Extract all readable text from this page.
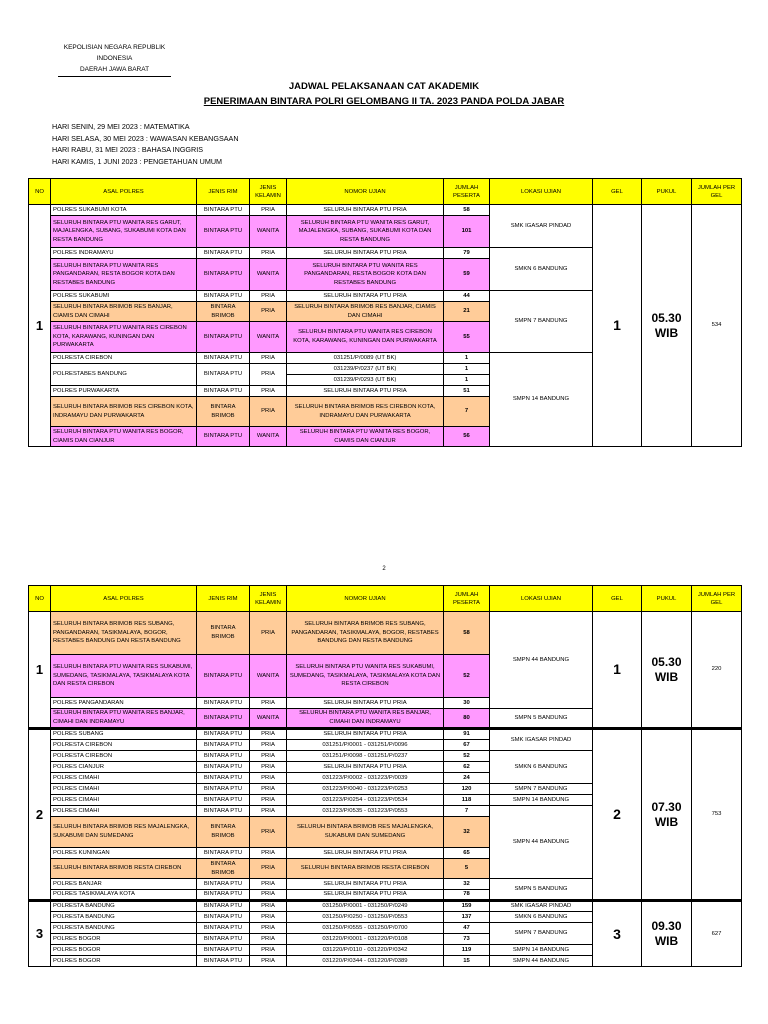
KEPOLISIAN NEGARA REPUBLIK INDONESIA
DAERAH JAWA BARAT
JADWAL PELAKSANAAN CAT AKADEMIK
PENERIMAAN BINTARA POLRI GELOMBANG II TA. 2023 PANDA POLDA JABAR
HARI SENIN, 29 MEI 2023 : MATEMATIKA
HARI SELASA, 30 MEI 2023 : WAWASAN KEBANGSAAN
HARI RABU, 31 MEI 2023 : BAHASA INGGRIS
HARI KAMIS, 1 JUNI 2023 : PENGETAHUAN UMUM
NO	ASAL POLRES	JENIS RIM	JENIS KELAMIN	NOMOR UJIAN	JUMLAH PESERTA	LOKASI UJIAN	GEL	PUKUL	JUMLAH PER GEL
1	POLRES SUKABUMI KOTA	BINTARA PTU	PRIA	SELURUH BINTARA PTU PRIA	58	SMK IGASAR PINDAD	1	05.30 WIB	534
	SELURUH BINTARA PTU WANITA RES GARUT, MAJALENGKA, SUBANG, SUKABUMI KOTA DAN RESTA BANDUNG	BINTARA PTU	WANITA	SELURUH BINTARA PTU WANITA RES GARUT, MAJALENGKA, SUBANG, SUKABUMI KOTA DAN RESTA BANDUNG	101				
	POLRES INDRAMAYU	BINTARA PTU	PRIA	SELURUH BINTARA PTU PRIA	79	SMKN 6 BANDUNG			
	SELURUH BINTARA PTU WANITA RES PANGANDARAN, RESTA BOGOR KOTA DAN RESTABES BANDUNG	BINTARA PTU	WANITA	SELURUH BINTARA PTU WANITA RES PANGANDARAN, RESTA BOGOR KOTA DAN RESTABES BANDUNG	59				
	POLRES SUKABUMI	BINTARA PTU	PRIA	SELURUH BINTARA PTU PRIA	44	SMPN 7 BANDUNG			
	SELURUH BINTARA BRIMOB RES BANJAR, CIAMIS DAN CIMAHI	BINTARA BRIMOB	PRIA	SELURUH BINTARA BRIMOB RES BANJAR, CIAMIS DAN CIMAHI	21				
	SELURUH BINTARA PTU WANITA RES CIREBON KOTA, KARAWANG, KUNINGAN DAN PURWAKARTA	BINTARA PTU	WANITA	SELURUH BINTARA PTU WANITA RES CIREBON KOTA, KARAWANG, KUNINGAN DAN PURWAKARTA	55				
	POLRESTA CIREBON	BINTARA PTU	PRIA	031251/P/0089 (UT BK)	1	SMPN 14 BANDUNG			
	POLRESTABES BANDUNG	BINTARA PTU	PRIA	031239/P/0237 (UT BK)	1				
				031239/P/0293 (UT BK)	1				
	POLRES PURWAKARTA	BINTARA PTU	PRIA	SELURUH BINTARA PTU PRIA	51				
	SELURUH BINTARA BRIMOB RES CIREBON KOTA, INDRAMAYU DAN PURWAKARTA	BINTARA BRIMOB	PRIA	SELURUH BINTARA BRIMOB RES CIREBON KOTA, INDRAMAYU DAN PURWAKARTA	7				
	SELURUH BINTARA PTU WANITA RES BOGOR, CIAMIS DAN CIANJUR	BINTARA PTU	WANITA	SELURUH BINTARA PTU WANITA RES BOGOR, CIAMIS DAN CIANJUR	56				
2
NO	ASAL POLRES	JENIS RIM	JENIS KELAMIN	NOMOR UJIAN	JUMLAH PESERTA	LOKASI UJIAN	GEL	PUKUL	JUMLAH PER GEL
1	SELURUH BINTARA BRIMOB RES SUBANG, PANGANDARAN, TASIKMALAYA, BOGOR, RESTABES BANDUNG DAN RESTA BANDUNG	BINTARA BRIMOB	PRIA	SELURUH BINTARA BRIMOB RES SUBANG, PANGANDARAN, TASIKMALAYA, BOGOR, RESTABES BANDUNG DAN RESTA BANDUNG	58	SMPN 44 BANDUNG	1	05.30 WIB	220
	SELURUH BINTARA PTU WANITA RES SUKABUMI, SUMEDANG, TASIKMALAYA, TASIKMALAYA KOTA DAN RESTA CIREBON	BINTARA PTU	WANITA	SELURUH BINTARA PTU WANITA RES SUKABUMI, SUMEDANG, TASIKMALAYA, TASIKMALAYA KOTA DAN RESTA CIREBON	52				
	POLRES PANGANDARAN	BINTARA PTU	PRIA	SELURUH BINTARA PTU PRIA	30				
	SELURUH BINTARA PTU WANITA RES BANJAR, CIMAHI DAN INDRAMAYU	BINTARA PTU	WANITA	SELURUH BINTARA PTU WANITA RES BANJAR, CIMAHI DAN INDRAMAYU	80	SMPN 5 BANDUNG			
2	POLRES SUBANG	BINTARA PTU	PRIA	SELURUH BINTARA PTU PRIA	91	SMK IGASAR PINDAD	2	07.30 WIB	753
	POLRESTA CIREBON	BINTARA PTU	PRIA	031251/P/0001 - 031251/P/0096	67				
	POLRESTA CIREBON	BINTARA PTU	PRIA	031251/P/0098 - 031251/P/0237	52	SMKN 6 BANDUNG			
	POLRES CIANJUR	BINTARA PTU	PRIA	SELURUH BINTARA PTU PRIA	62				
	POLRES CIMAHI	BINTARA PTU	PRIA	031223/P/0002 - 031223/P/0039	24				
	POLRES CIMAHI	BINTARA PTU	PRIA	031223/P/0040 - 031223/P/0253	120	SMPN 7 BANDUNG			
	POLRES CIMAHI	BINTARA PTU	PRIA	031223/P/0254 - 031223/P/0534	118	SMPN 14 BANDUNG			
	POLRES CIMAHI	BINTARA PTU	PRIA	031223/P/0535 - 031223/P/0553	7	SMPN 44 BANDUNG			
	SELURUH BINTARA BRIMOB RES MAJALENGKA, SUKABUMI DAN SUMEDANG	BINTARA BRIMOB	PRIA	SELURUH BINTARA BRIMOB RES MAJALENGKA, SUKABUMI DAN SUMEDANG	32				
	POLRES KUNINGAN	BINTARA PTU	PRIA	SELURUH BINTARA PTU PRIA	65				
	SELURUH BINTARA BRIMOB RESTA CIREBON	BINTARA BRIMOB	PRIA	SELURUH BINTARA BRIMOB RESTA CIREBON	5				
	POLRES BANJAR	BINTARA PTU	PRIA	SELURUH BINTARA PTU PRIA	32	SMPN 5 BANDUNG			
	POLRES TASIKMALAYA KOTA	BINTARA PTU	PRIA	SELURUH BINTARA PTU PRIA	78				
3	POLRESTA BANDUNG	BINTARA PTU	PRIA	031250/P/0001 - 031250/P/0249	159	SMK IGASAR PINDAD	3	09.30 WIB	627
	POLRESTA BANDUNG	BINTARA PTU	PRIA	031250/P/0250 - 031250/P/0553	137	SMKN 6 BANDUNG			
	POLRESTA BANDUNG	BINTARA PTU	PRIA	031250/P/0555 - 031250/P/0700	47	SMPN 7 BANDUNG			
	POLRES BOGOR	BINTARA PTU	PRIA	031220/P/0001 - 031220/P/0108	73				
	POLRES BOGOR	BINTARA PTU	PRIA	031220/P/0110 - 031220/P/0342	119	SMPN 14 BANDUNG			
	POLRES BOGOR	BINTARA PTU	PRIA	031220/P/0344 - 031220/P/0389	15	SMPN 44 BANDUNG			
